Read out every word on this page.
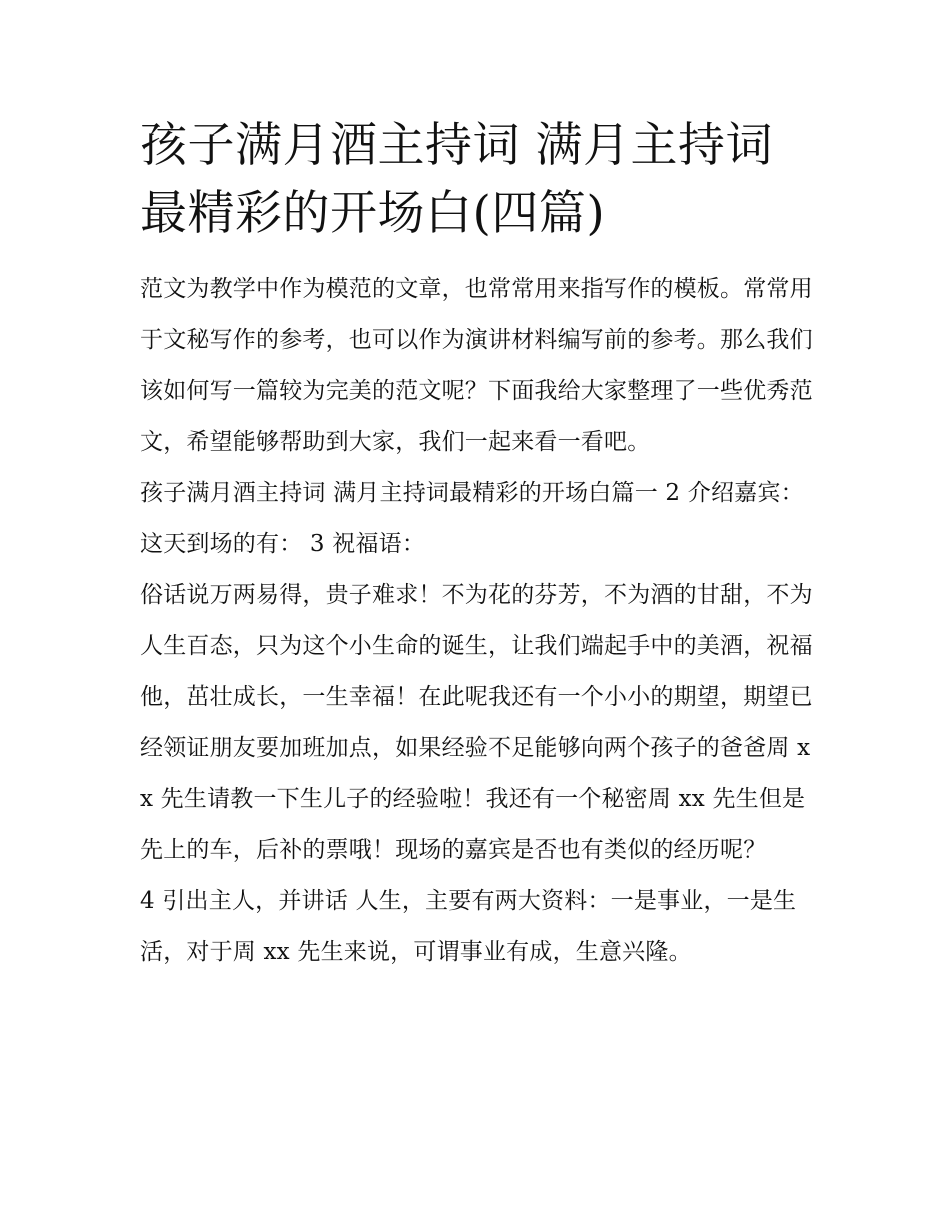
孩子满月酒主持词 满月主持词最精彩的开场白(四篇)

范文为教学中作为模范的文章，也常常用来指写作的模板。常常用于文秘写作的参考，也可以作为演讲材料编写前的参考。那么我们该如何写一篇较为完美的范文呢？下面我给大家整理了一些优秀范文，希望能够帮助到大家，我们一起来看一看吧。

孩子满月酒主持词 满月主持词最精彩的开场白篇一 2 介绍嘉宾： 这天到场的有： 3 祝福语：

俗话说万两易得，贵子难求！不为花的芬芳，不为酒的甘甜，不为人生百态，只为这个小生命的诞生，让我们端起手中的美酒，祝福他，茁壮成长，一生幸福！在此呢我还有一个小小的期望，期望已经领证朋友要加班加点，如果经验不足能够向两个孩子的爸爸周 xx 先生请教一下生儿子的经验啦！我还有一个秘密周 xx 先生但是先上的车，后补的票哦！现场的嘉宾是否也有类似的经历呢？

4 引出主人，并讲话 人生，主要有两大资料：一是事业，一是生活，对于周 xx 先生来说，可谓事业有成，生意兴隆。
